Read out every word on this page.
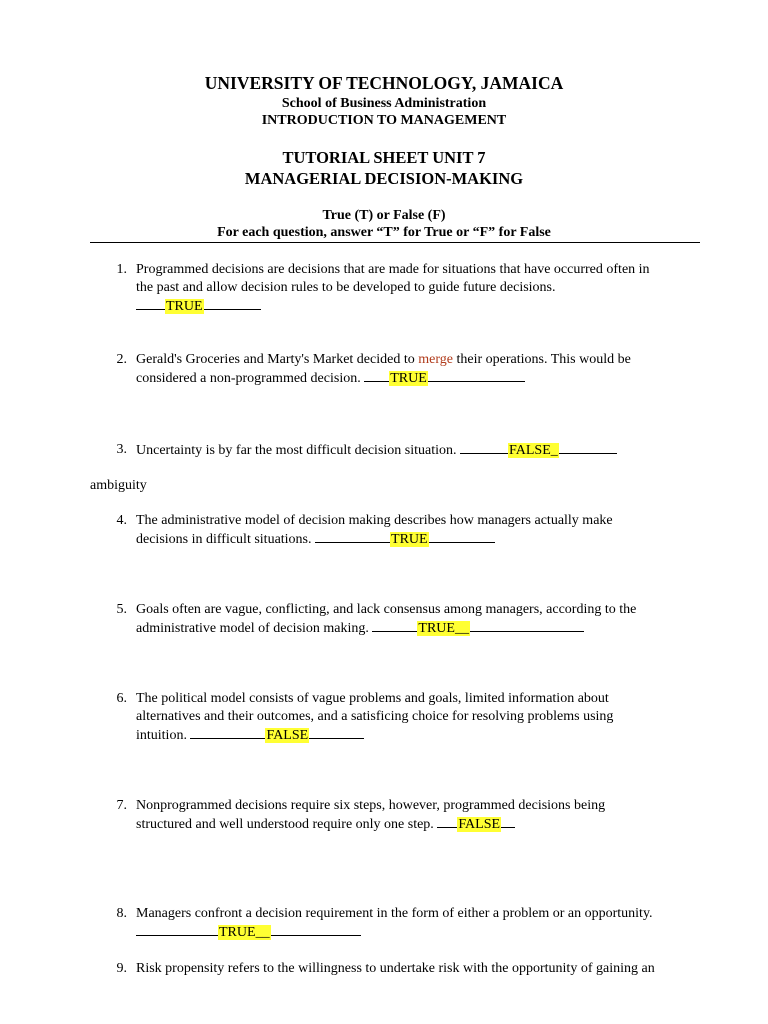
UNIVERSITY OF TECHNOLOGY, JAMAICA
School of Business Administration
INTRODUCTION TO MANAGEMENT
TUTORIAL SHEET UNIT 7
MANAGERIAL DECISION-MAKING
True (T) or False (F)
For each question, answer “T” for True or “F” for False
1. Programmed decisions are decisions that are made for situations that have occurred often in
the past and allow decision rules to be developed to guide future decisions.
TRUE
2. Gerald's Groceries and Marty's Market decided to merge their operations. This would be
considered a non-programmed decision. TRUE
3. Uncertainty is by far the most difficult decision situation.	FALSE_
ambiguity
4. The administrative model of decision making describes how managers actually make
decisions in difficult situations.	TRUE
5. Goals often are vague, conflicting, and lack consensus among managers, according to the
administrative model of decision making.	TRUE__
6. The political model consists of vague problems and goals, limited information about
alternatives and their outcomes, and a satisficing choice for resolving problems using
intuition.	FALSE
7. Nonprogrammed decisions require six steps, however, programmed decisions being
structured and well understood require only one step. FALSE
8. Managers confront a decision requirement in the form of either a problem or an opportunity.
TRUE__
9. Risk propensity refers to the willingness to undertake risk with the opportunity of gaining an
